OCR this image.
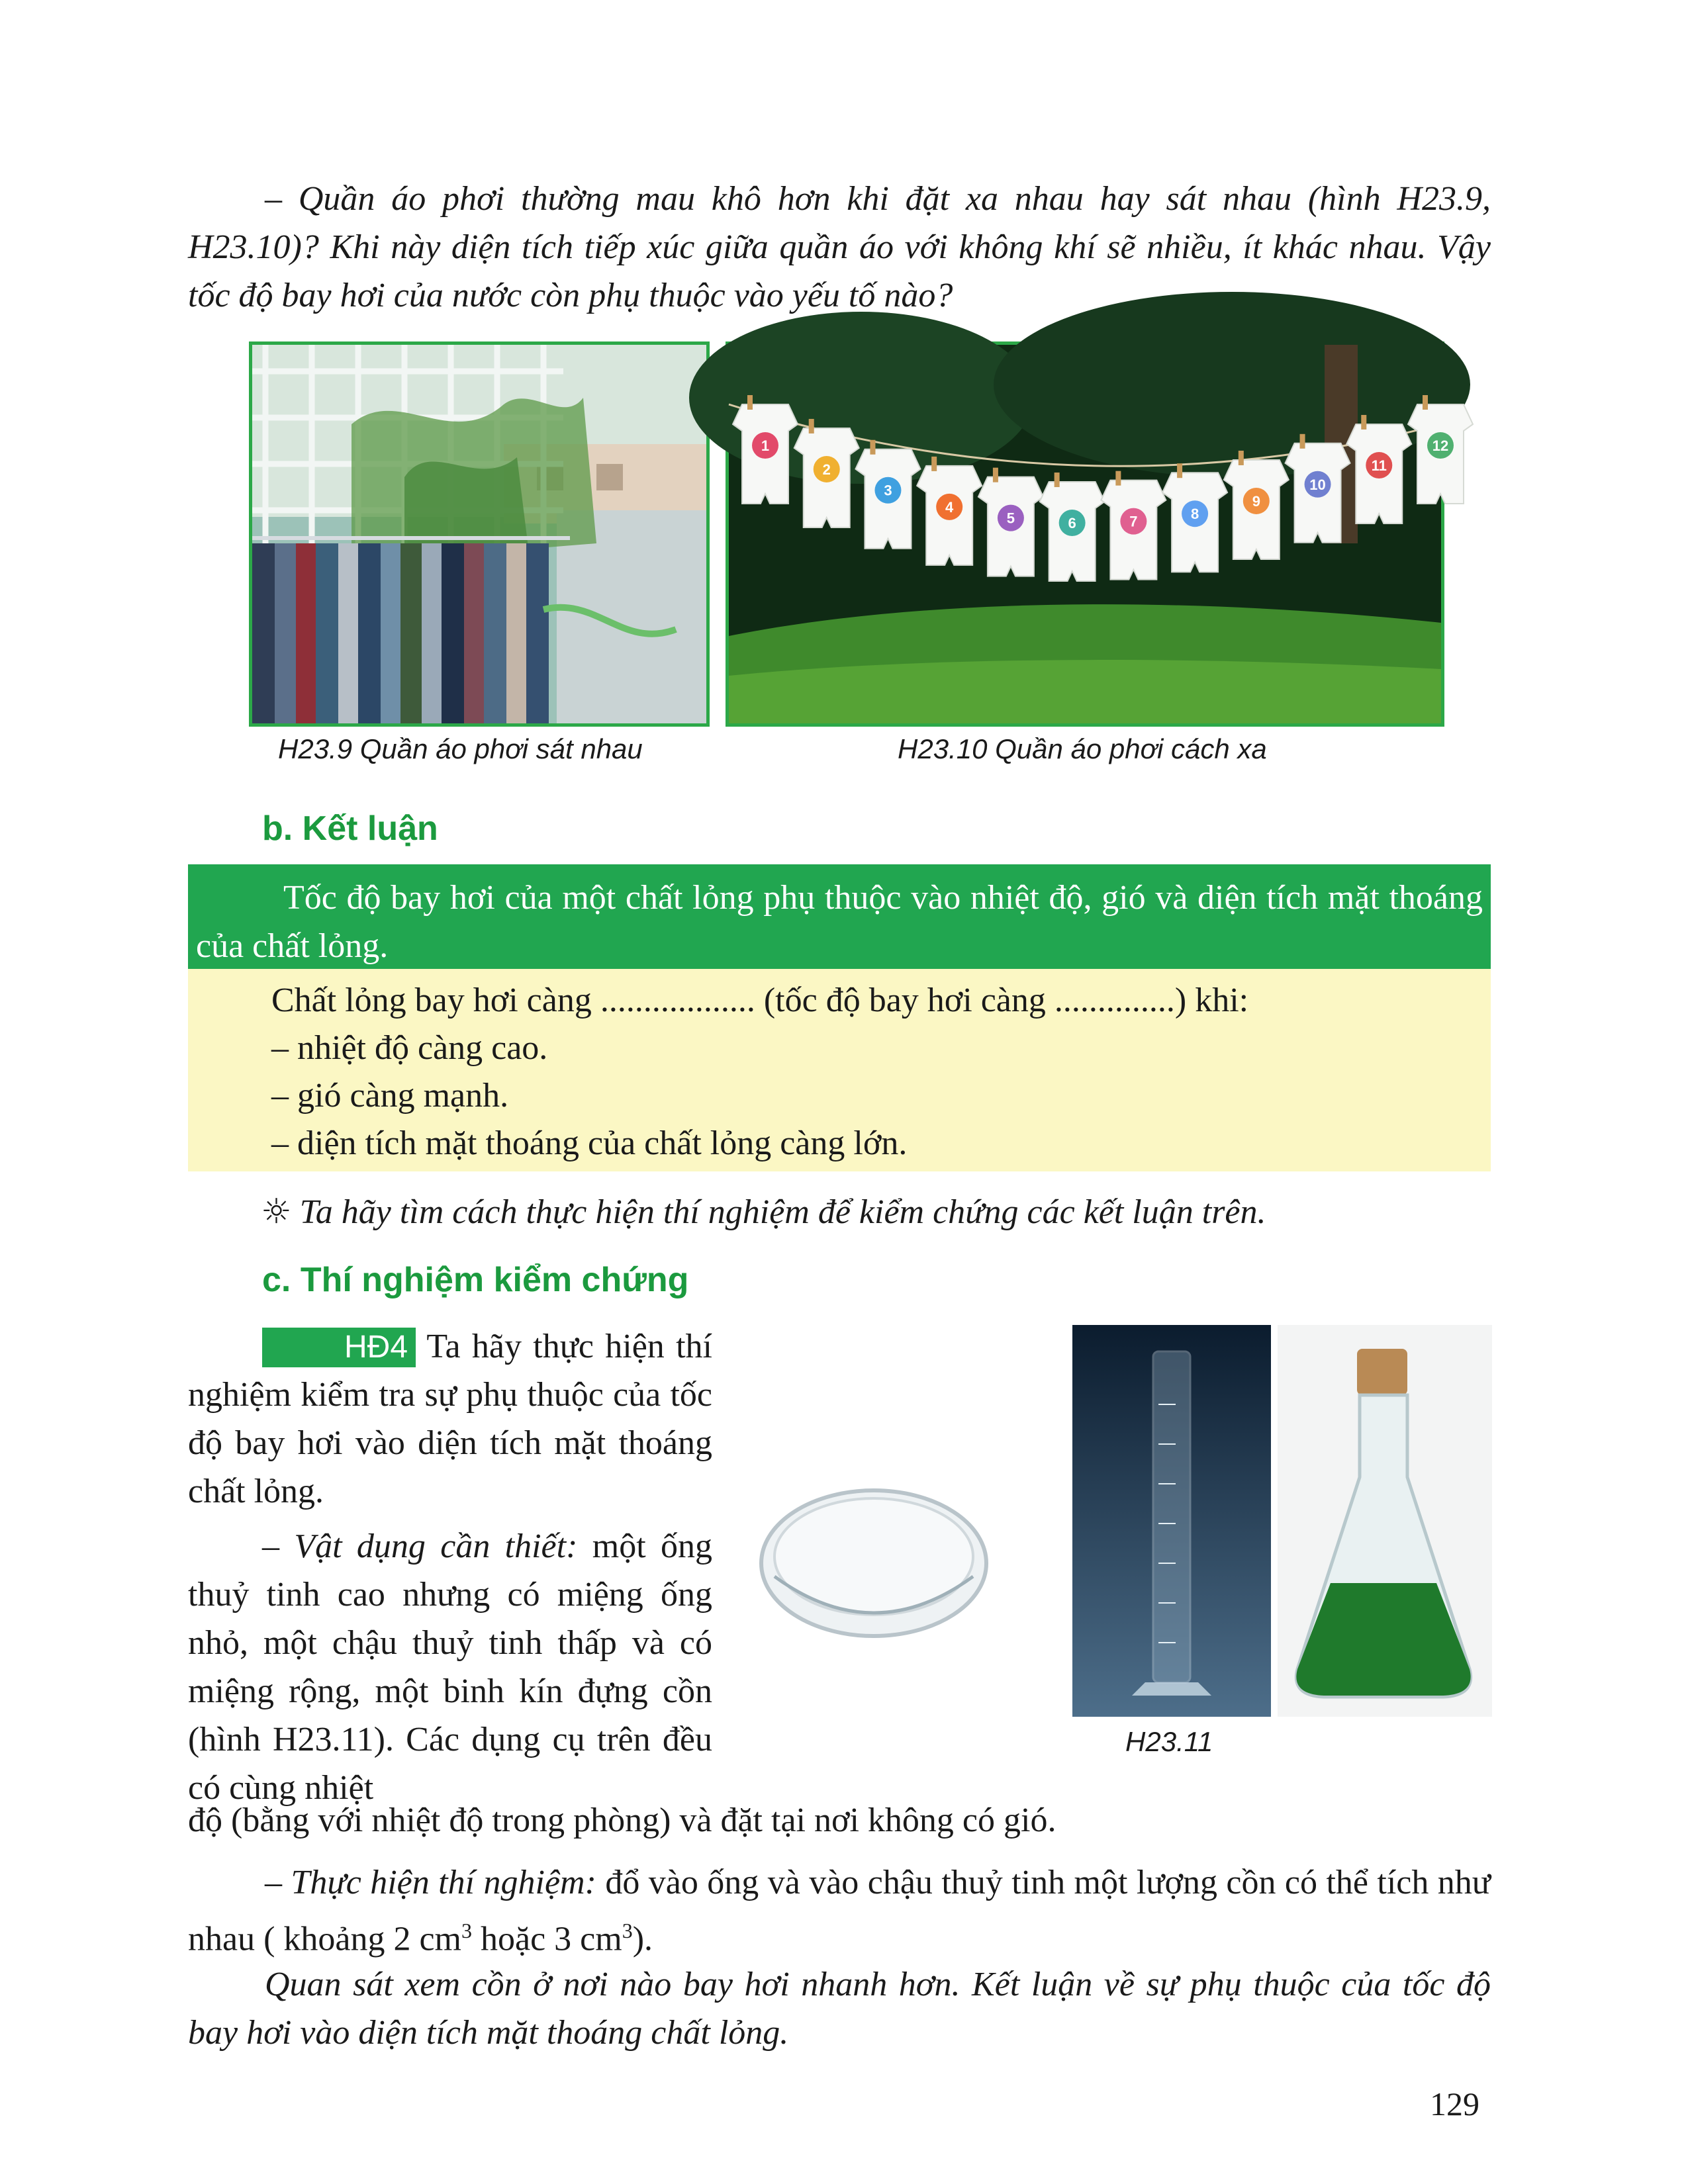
– Quần áo phơi thường mau khô hơn khi đặt xa nhau hay sát nhau (hình H23.9, H23.10)? Khi này diện tích tiếp xúc giữa quần áo với không khí sẽ nhiều, ít khác nhau. Vậy tốc độ bay hơi của nước còn phụ thuộc vào yếu tố nào?

1
2
3
4
5	6	7	8
9
10
11
12
H23.9 Quần áo phơi sát nhau	H23.10 Quần áo phơi cách xa
b. Kết luận

Tốc độ bay hơi của một chất lỏng phụ thuộc vào nhiệt độ, gió và diện tích mặt thoáng của chất lỏng.

Chất lỏng bay hơi càng .................. (tốc độ bay hơi càng ..............) khi:
– nhiệt độ càng cao.
– gió càng mạnh.
– diện tích mặt thoáng của chất lỏng càng lớn.
☼ Ta hãy tìm cách thực hiện thí nghiệm để kiểm chứng các kết luận trên.
c. Thí nghiệm kiểm chứng

HĐ4 Ta hãy thực hiện thí nghiệm kiểm tra sự phụ thuộc của tốc độ bay hơi vào diện tích mặt thoáng chất lỏng.

– Vật dụng cần thiết: một ống thuỷ tinh cao nhưng có miệng ống nhỏ, một chậu thuỷ tinh thấp và có miệng rộng, một binh kín đựng cồn (hình H23.11). Các dụng cụ trên đều có cùng nhiệt

H23.11

độ (bằng với nhiệt độ trong phòng) và đặt tại nơi không có gió.

– Thực hiện thí nghiệm: đổ vào ống và vào chậu thuỷ tinh một lượng cồn có thể tích như nhau ( khoảng 2 $cm^3$ hoặc 3 $cm^3$).

Quan sát xem cồn ở nơi nào bay hơi nhanh hơn. Kết luận về sự phụ thuộc của tốc độ bay hơi vào diện tích mặt thoáng chất lỏng.

129
